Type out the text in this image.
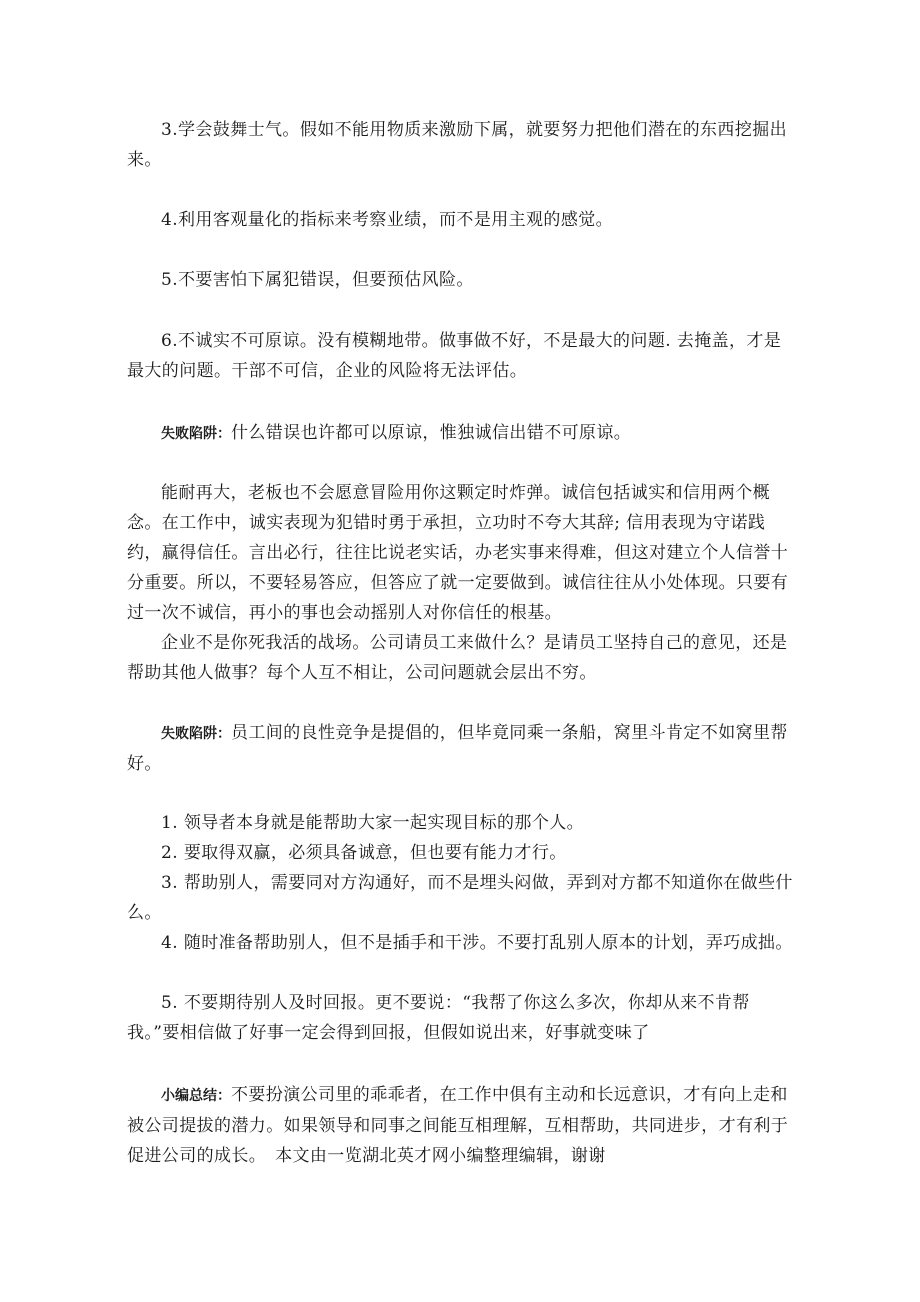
3.学会鼓舞士气。假如不能用物质来激励下属，就要努力把他们潜在的东西挖掘出来。

4.利用客观量化的指标来考察业绩，而不是用主观的感觉。

5.不要害怕下属犯错误，但要预估风险。

6.不诚实不可原谅。没有模糊地带。做事做不好，不是最大的问题. 去掩盖，才是最大的问题。干部不可信，企业的风险将无法评估。

失败陷阱：什么错误也许都可以原谅，惟独诚信出错不可原谅。

能耐再大，老板也不会愿意冒险用你这颗定时炸弹。诚信包括诚实和信用两个概念。在工作中，诚实表现为犯错时勇于承担，立功时不夸大其辞; 信用表现为守诺践约，赢得信任。言出必行，往往比说老实话，办老实事来得难，但这对建立个人信誉十分重要。所以，不要轻易答应，但答应了就一定要做到。诚信往往从小处体现。只要有过一次不诚信，再小的事也会动摇别人对你信任的根基。

企业不是你死我活的战场。公司请员工来做什么？是请员工坚持自己的意见，还是帮助其他人做事？每个人互不相让，公司问题就会层出不穷。

失败陷阱：员工间的良性竞争是提倡的，但毕竟同乘一条船，窝里斗肯定不如窝里帮好。

1. 领导者本身就是能帮助大家一起实现目标的那个人。

2. 要取得双赢，必须具备诚意，但也要有能力才行。

3. 帮助别人，需要同对方沟通好，而不是埋头闷做，弄到对方都不知道你在做些什么。

4. 随时准备帮助别人，但不是插手和干涉。不要打乱别人原本的计划，弄巧成拙。

5. 不要期待别人及时回报。更不要说：“我帮了你这么多次，你却从来不肯帮我。”要相信做了好事一定会得到回报，但假如说出来，好事就变味了

小编总结：不要扮演公司里的乖乖者，在工作中俱有主动和长远意识，才有向上走和被公司提拔的潜力。如果领导和同事之间能互相理解，互相帮助，共同进步，才有利于促进公司的成长。　本文由一览湖北英才网小编整理编辑，谢谢
